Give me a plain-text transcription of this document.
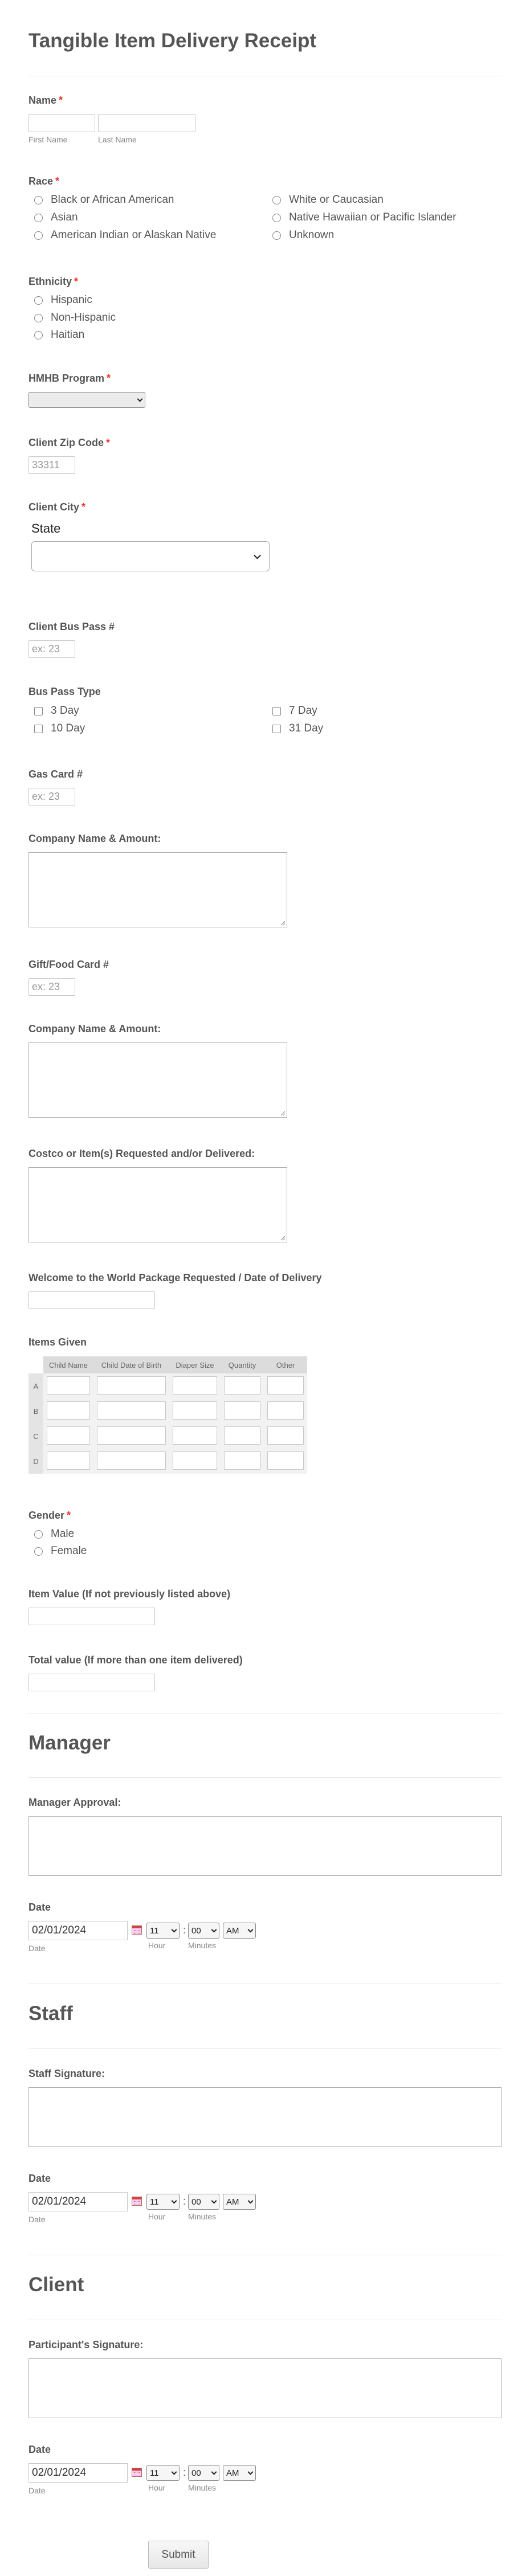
Tangible Item Delivery Receipt
Name *
First Name	Last Name
Race *
Black or African American
Asian
American Indian or Alaskan Native
White or Caucasian
Native Hawaiian or Pacific Islander
Unknown
Ethnicity *
Hispanic
Non-Hispanic
Haitian
HMHB Program *
Client Zip Code *
33311
Client City *
State
Client Bus Pass #
ex: 23
Bus Pass Type
3 Day
10 Day
7 Day
31 Day
Gas Card #
ex: 23
Company Name & Amount:
Gift/Food Card #
ex: 23
Company Name & Amount:
Costco or Item(s) Requested and/or Delivered:
Welcome to the World Package Requested / Date of Delivery
Items Given
	Child Name	Child Date of Birth	Diaper Size	Quantity	Other
A					
B					
C					
D					
Gender *
Male
Female
Item Value (If not previously listed above)
Total value (If more than one item delivered)
Manager
Manager Approval:
Date
02/01/2024	11 : 00	AM
Date	Hour	Minutes
Staff
Staff Signature:
Date
02/01/2024	11 : 00	AM
Date	Hour	Minutes
Client
Participant's Signature:
Date
02/01/2024	11 : 00	AM
Date	Hour	Minutes
Submit
